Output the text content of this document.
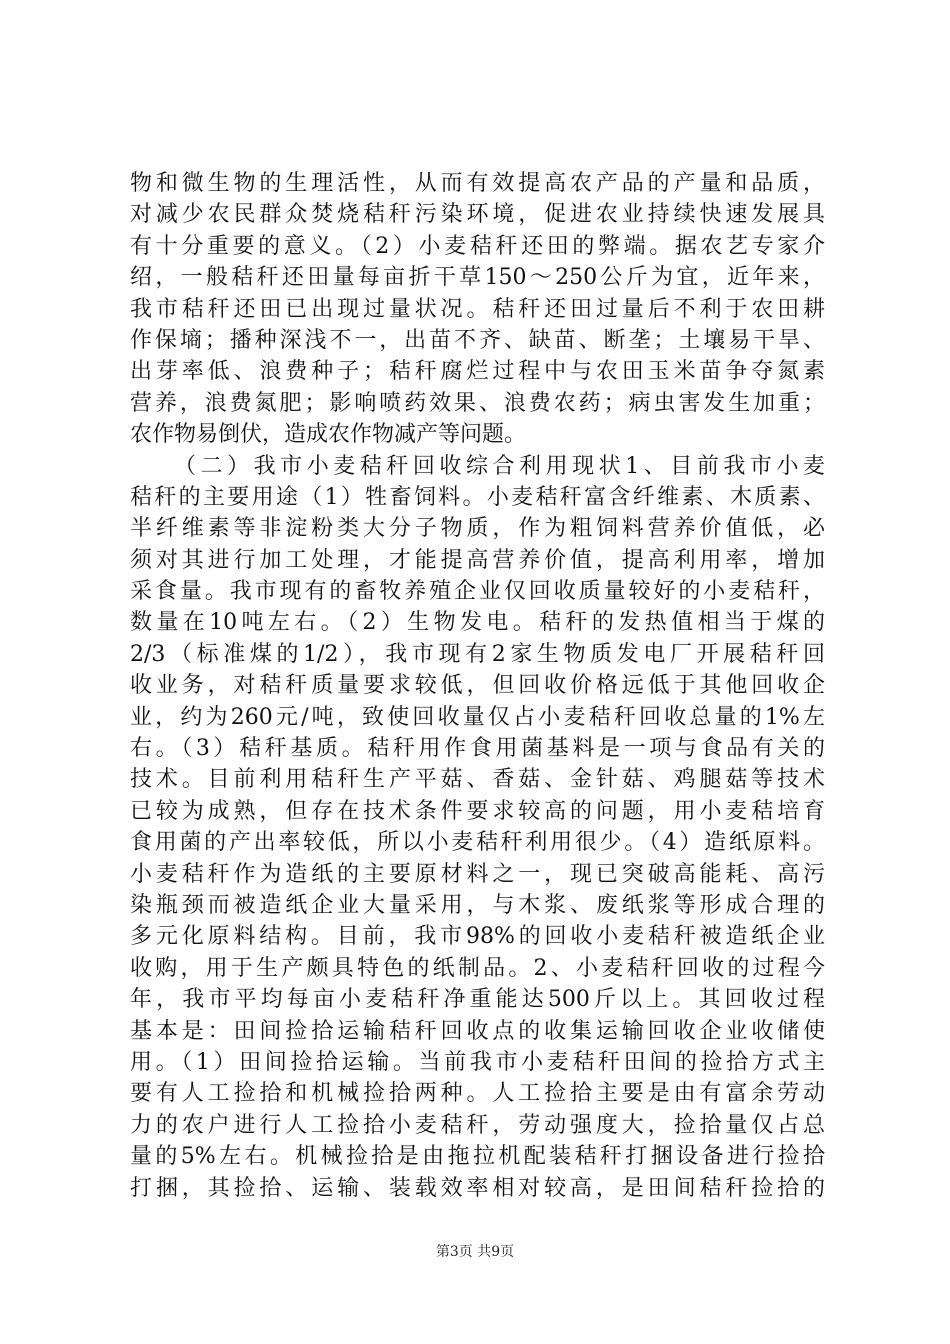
物和微生物的生理活性，从而有效提高农产品的产量和品质，
对减少农民群众焚烧秸秆污染环境，促进农业持续快速发展具
有十分重要的意义。（2）小麦秸秆还田的弊端。据农艺专家介
绍，一般秸秆还田量每亩折干草150～250公斤为宜，近年来，
我市秸秆还田已出现过量状况。秸秆还田过量后不利于农田耕
作保墒；播种深浅不一，出苗不齐、缺苗、断垄；土壤易干旱、
出芽率低、浪费种子；秸秆腐烂过程中与农田玉米苗争夺氮素
营养，浪费氮肥；影响喷药效果、浪费农药；病虫害发生加重；
农作物易倒伏，造成农作物减产等问题。
（二）我市小麦秸秆回收综合利用现状1、目前我市小麦
秸秆的主要用途（1）牲畜饲料。小麦秸秆富含纤维素、木质素、
半纤维素等非淀粉类大分子物质，作为粗饲料营养价值低，必
须对其进行加工处理，才能提高营养价值，提高利用率，增加
采食量。我市现有的畜牧养殖企业仅回收质量较好的小麦秸秆，
数量在10吨左右。（2）生物发电。秸秆的发热值相当于煤的
2/3（标准煤的1/2），我市现有2家生物质发电厂开展秸秆回
收业务，对秸秆质量要求较低，但回收价格远低于其他回收企
业，约为260元/吨，致使回收量仅占小麦秸秆回收总量的1%左
右。（3）秸秆基质。秸秆用作食用菌基料是一项与食品有关的
技术。目前利用秸秆生产平菇、香菇、金针菇、鸡腿菇等技术
已较为成熟，但存在技术条件要求较高的问题，用小麦秸培育
食用菌的产出率较低，所以小麦秸秆利用很少。（4）造纸原料。
小麦秸秆作为造纸的主要原材料之一，现已突破高能耗、高污
染瓶颈而被造纸企业大量采用，与木浆、废纸浆等形成合理的
多元化原料结构。目前，我市98%的回收小麦秸秆被造纸企业
收购，用于生产颇具特色的纸制品。2、小麦秸秆回收的过程今
年，我市平均每亩小麦秸秆净重能达500斤以上。其回收过程
基本是：田间捡拾运输秸秆回收点的收集运输回收企业收储使
用。（1）田间捡拾运输。当前我市小麦秸秆田间的捡拾方式主
要有人工捡拾和机械捡拾两种。人工捡拾主要是由有富余劳动
力的农户进行人工捡拾小麦秸秆，劳动强度大，捡拾量仅占总
量的5%左右。机械捡拾是由拖拉机配装秸秆打捆设备进行捡拾
打捆，其捡拾、运输、装载效率相对较高，是田间秸秆捡拾的
第3页 共9页
